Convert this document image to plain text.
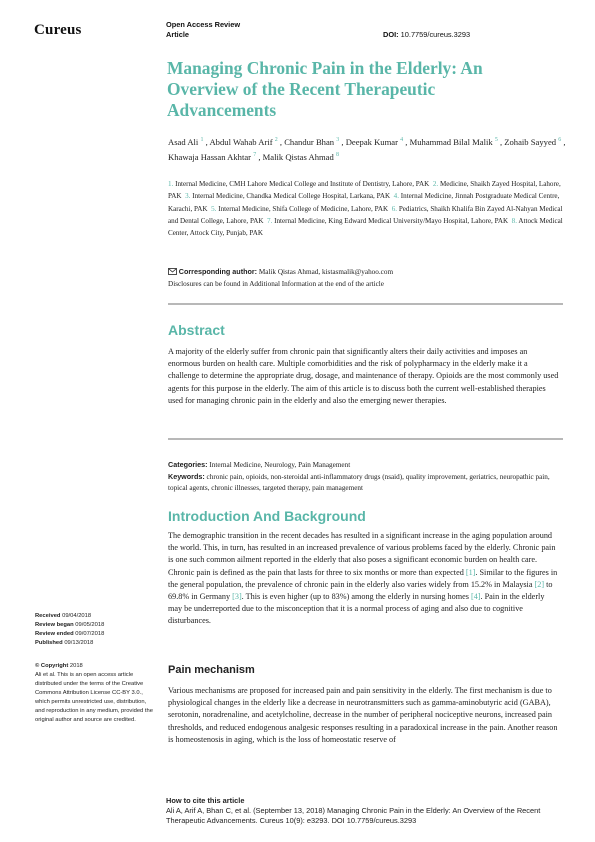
Cureus	Open Access Review
Article	DOI: 10.7759/cureus.3293
Managing Chronic Pain in the Elderly: An Overview of the Recent Therapeutic Advancements
Asad Ali $^1$ , Abdul Wahab Arif $^2$ , Chandur Bhan $^3$ , Deepak Kumar $^4$ , Muhammad Bilal Malik $^5$ , Zohaib Sayyed $^6$ , Khawaja Hassan Akhtar $^7$ , Malik Qistas Ahmad $^8$
1. Internal Medicine, CMH Lahore Medical College and Institute of Dentistry, Lahore, PAK 2. Medicine, Shaikh Zayed Hospital, Lahore, PAK 3. Internal Medicine, Chandka Medical College Hospital, Larkana, PAK 4. Internal Medicine, Jinnah Postgraduate Medical Centre, Karachi, PAK 5. Internal Medicine, Shifa College of Medicine, Lahore, PAK 6. Pediatrics, Shaikh Khalifa Bin Zayed Al-Nahyan Medical and Dental College, Lahore, PAK 7. Internal Medicine, King Edward Medical University/Mayo Hospital, Lahore, PAK 8. Attock Medical Center, Attock City, Punjab, PAK
Corresponding author: Malik Qistas Ahmad, kistasmalik@yahoo.com
Disclosures can be found in Additional Information at the end of the article
Abstract
A majority of the elderly suffer from chronic pain that significantly alters their daily activities and imposes an enormous burden on health care. Multiple comorbidities and the risk of polypharmacy in the elderly make it a challenge to determine the appropriate drug, dosage, and maintenance of therapy. Opioids are the most commonly used agents for this purpose in the elderly. The aim of this article is to discuss both the current well-established therapies used for managing chronic pain in the elderly and also the emerging newer therapies.
Categories: Internal Medicine, Neurology, Pain Management
Keywords: chronic pain, opioids, non-steroidal anti-inflammatory drugs (nsaid), quality improvement, geriatrics, neuropathic pain, topical agents, chronic illnesses, targeted therapy, pain management
Introduction And Background
The demographic transition in the recent decades has resulted in a significant increase in the aging population around the world. This, in turn, has resulted in an increased prevalence of various problems faced by the elderly. Chronic pain is one such common ailment reported in the elderly that also poses a significant economic burden on health care. Chronic pain is defined as the pain that lasts for three to six months or more than expected [1]. Similar to the figures in the general population, the prevalence of chronic pain in the elderly also varies widely from 15.2% in Malaysia [2] to 69.8% in Germany [3]. This is even higher (up to 83%) among the elderly in nursing homes [4]. Pain in the elderly may be underreported due to the misconception that it is a normal process of aging and also due to cognitive disturbances.
Pain mechanism
Various mechanisms are proposed for increased pain and pain sensitivity in the elderly. The first mechanism is due to physiological changes in the elderly like a decrease in neurotransmitters such as gamma-aminobutyric acid (GABA), serotonin, noradrenaline, and acetylcholine, decrease in the number of peripheral nociceptive neurons, increased pain thresholds, and reduced endogenous analgesic responses resulting in a paradoxical increase in the pain. Another reason is homeostenosis in aging, which is the loss of homeostatic reserve of
Received 09/04/2018
Review began 09/05/2018
Review ended 09/07/2018
Published 09/13/2018
© Copyright 2018
Ali et al. This is an open access article distributed under the terms of the Creative Commons Attribution License CC-BY 3.0., which permits unrestricted use, distribution, and reproduction in any medium, provided the original author and source are credited.
How to cite this article
Ali A, Arif A, Bhan C, et al. (September 13, 2018) Managing Chronic Pain in the Elderly: An Overview of the Recent Therapeutic Advancements. Cureus 10(9): e3293. DOI 10.7759/cureus.3293
